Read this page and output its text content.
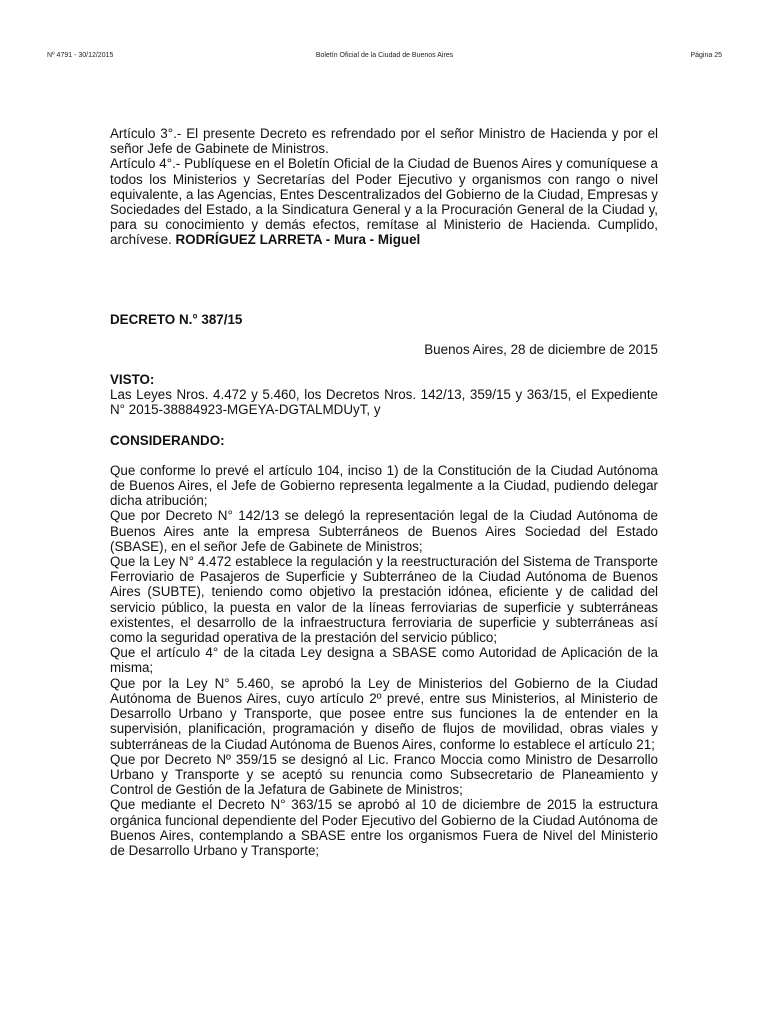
Nº 4791 - 30/12/2015	Boletín Oficial de la Ciudad de Buenos Aires	Página 25

Artículo 3°.- El presente Decreto es refrendado por el señor Ministro de Hacienda y por el señor Jefe de Gabinete de Ministros.

Artículo 4°.- Publíquese en el Boletín Oficial de la Ciudad de Buenos Aires y comuníquese a todos los Ministerios y Secretarías del Poder Ejecutivo y organismos con rango o nivel equivalente, a las Agencias, Entes Descentralizados del Gobierno de la Ciudad, Empresas y Sociedades del Estado, a la Sindicatura General y a la Procuración General de la Ciudad y, para su conocimiento y demás efectos, remítase al Ministerio de Hacienda. Cumplido, archívese. RODRÍGUEZ LARRETA - Mura - Miguel

DECRETO N.° 387/15

Buenos Aires, 28 de diciembre de 2015

VISTO:

Las Leyes Nros. 4.472 y 5.460, los Decretos Nros. 142/13, 359/15 y 363/15, el Expediente N° 2015-38884923-MGEYA-DGTALMDUyT, y

CONSIDERANDO:

Que conforme lo prevé el artículo 104, inciso 1) de la Constitución de la Ciudad Autónoma de Buenos Aires, el Jefe de Gobierno representa legalmente a la Ciudad, pudiendo delegar dicha atribución;

Que por Decreto N° 142/13 se delegó la representación legal de la Ciudad Autónoma de Buenos Aires ante la empresa Subterráneos de Buenos Aires Sociedad del Estado (SBASE), en el señor Jefe de Gabinete de Ministros;

Que la Ley N° 4.472 establece la regulación y la reestructuración del Sistema de Transporte Ferroviario de Pasajeros de Superficie y Subterráneo de la Ciudad Autónoma de Buenos Aires (SUBTE), teniendo como objetivo la prestación idónea, eficiente y de calidad del servicio público, la puesta en valor de la líneas ferroviarias de superficie y subterráneas existentes, el desarrollo de la infraestructura ferroviaria de superficie y subterráneas así como la seguridad operativa de la prestación del servicio público;

Que el artículo 4° de la citada Ley designa a SBASE como Autoridad de Aplicación de la misma;

Que por la Ley N° 5.460, se aprobó la Ley de Ministerios del Gobierno de la Ciudad Autónoma de Buenos Aires, cuyo artículo 2º prevé, entre sus Ministerios, al Ministerio de Desarrollo Urbano y Transporte, que posee entre sus funciones la de entender en la supervisión, planificación, programación y diseño de flujos de movilidad, obras viales y subterráneas de la Ciudad Autónoma de Buenos Aires, conforme lo establece el artículo 21;

Que por Decreto Nº 359/15 se designó al Lic. Franco Moccia como Ministro de Desarrollo Urbano y Transporte y se aceptó su renuncia como Subsecretario de Planeamiento y Control de Gestión de la Jefatura de Gabinete de Ministros;

Que mediante el Decreto N° 363/15 se aprobó al 10 de diciembre de 2015 la estructura orgánica funcional dependiente del Poder Ejecutivo del Gobierno de la Ciudad Autónoma de Buenos Aires, contemplando a SBASE entre los organismos Fuera de Nivel del Ministerio de Desarrollo Urbano y Transporte;
